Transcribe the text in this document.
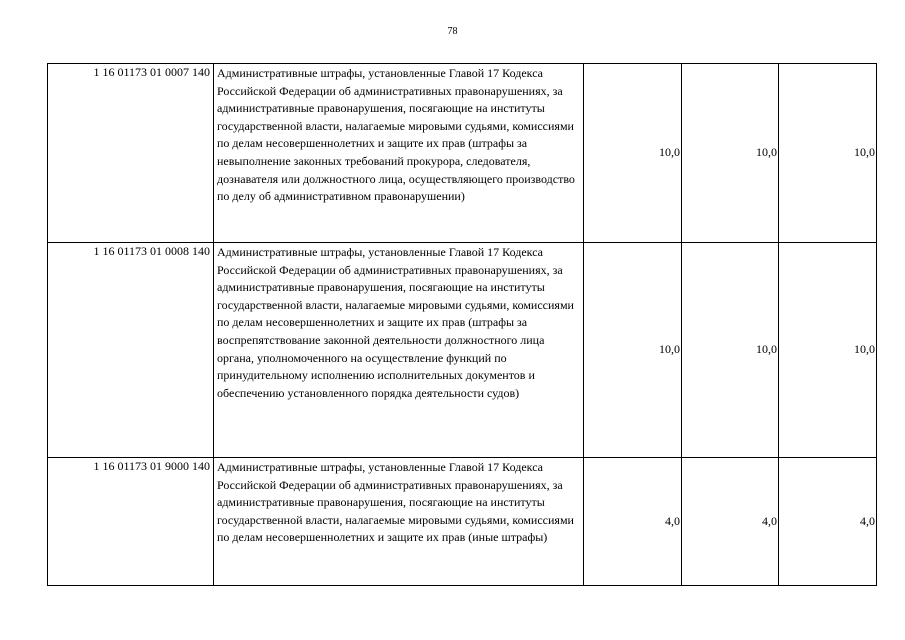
78
1 16 01173 01 0007 140	Административные штрафы, установленные Главой 17 Кодекса Российской Федерации об административных правонарушениях, за административные правонарушения, посягающие на институты государственной власти, налагаемые мировыми судьями, комиссиями по делам несовершеннолетних и защите их прав (штрафы за невыполнение законных требований прокурора, следователя, дознавателя или должностного лица, осуществляющего производство по делу об административном правонарушении)	10,0	10,0	10,0
1 16 01173 01 0008 140	Административные штрафы, установленные Главой 17 Кодекса Российской Федерации об административных правонарушениях, за административные правонарушения, посягающие на институты государственной власти, налагаемые мировыми судьями, комиссиями по делам несовершеннолетних и защите их прав (штрафы за воспрепятствование законной деятельности должностного лица органа, уполномоченного на осуществление функций по принудительному исполнению исполнительных документов и обеспечению установленного порядка деятельности судов)	10,0	10,0	10,0
1 16 01173 01 9000 140	Административные штрафы, установленные Главой 17 Кодекса Российской Федерации об административных правонарушениях, за административные правонарушения, посягающие на институты государственной власти, налагаемые мировыми судьями, комиссиями по делам несовершеннолетних и защите их прав (иные штрафы)	4,0	4,0	4,0
